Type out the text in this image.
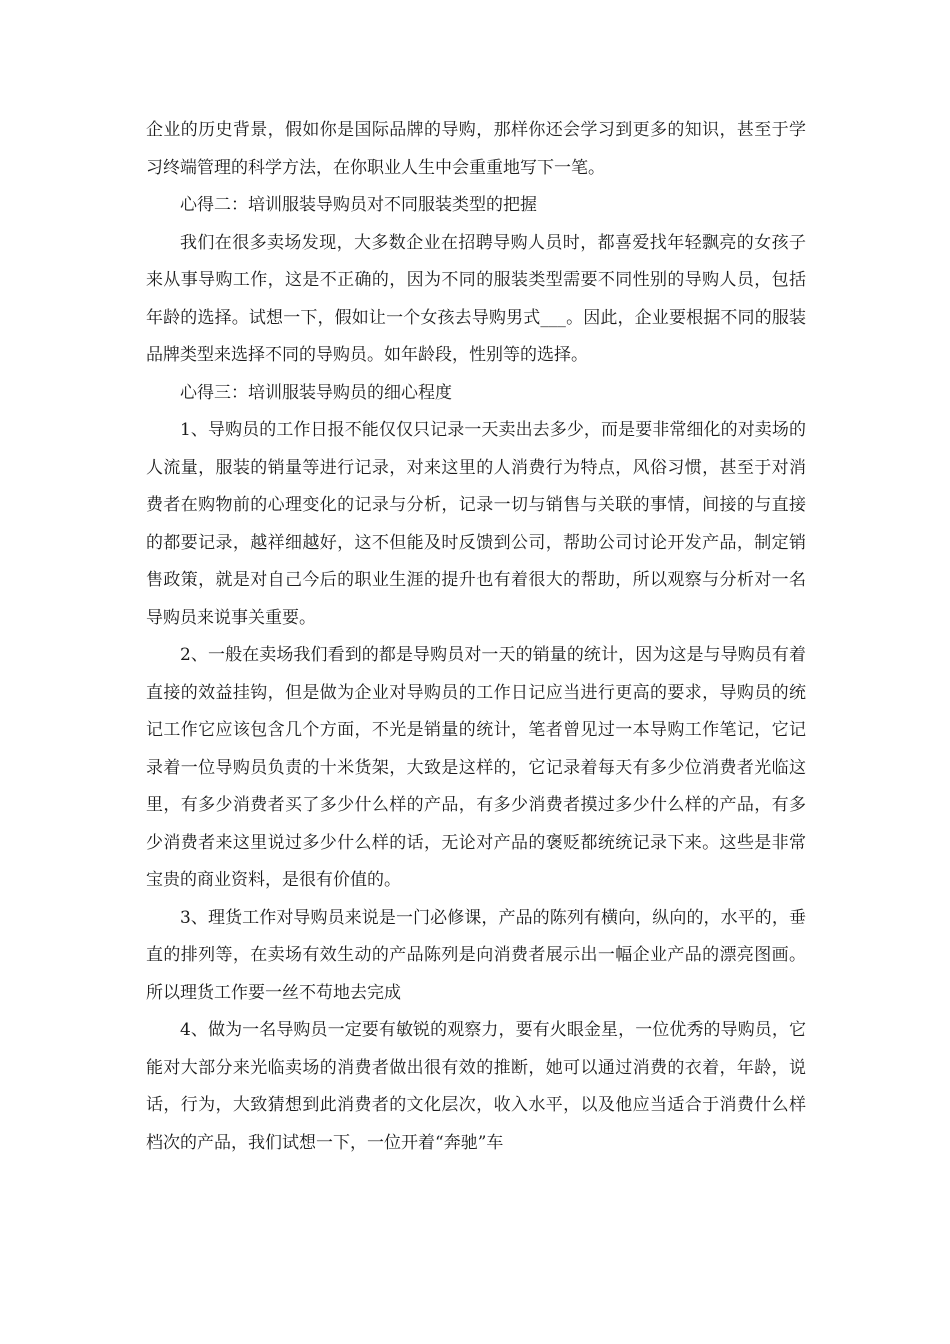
企业的历史背景，假如你是国际品牌的导购，那样你还会学习到更多的知识，甚至于学习终端管理的科学方法，在你职业人生中会重重地写下一笔。

心得二：培训服装导购员对不同服装类型的把握

我们在很多卖场发现，大多数企业在招聘导购人员时，都喜爱找年轻飘亮的女孩子来从事导购工作，这是不正确的，因为不同的服装类型需要不同性别的导购人员，包括年龄的选择。试想一下，假如让一个女孩去导购男式___。因此，企业要根据不同的服装品牌类型来选择不同的导购员。如年龄段，性别等的选择。

心得三：培训服装导购员的细心程度

1、导购员的工作日报不能仅仅只记录一天卖出去多少，而是要非常细化的对卖场的人流量，服装的销量等进行记录，对来这里的人消费行为特点，风俗习惯，甚至于对消费者在购物前的心理变化的记录与分析，记录一切与销售与关联的事情，间接的与直接的都要记录，越祥细越好，这不但能及时反馈到公司，帮助公司讨论开发产品，制定销售政策，就是对自己今后的职业生涯的提升也有着很大的帮助，所以观察与分析对一名导购员来说事关重要。

2、一般在卖场我们看到的都是导购员对一天的销量的统计，因为这是与导购员有着直接的效益挂钩，但是做为企业对导购员的工作日记应当进行更高的要求，导购员的统记工作它应该包含几个方面，不光是销量的统计，笔者曾见过一本导购工作笔记，它记录着一位导购员负责的十米货架，大致是这样的，它记录着每天有多少位消费者光临这里，有多少消费者买了多少什么样的产品，有多少消费者摸过多少什么样的产品，有多少消费者来这里说过多少什么样的话，无论对产品的褒贬都统统记录下来。这些是非常宝贵的商业资料，是很有价值的。

3、理货工作对导购员来说是一门必修课，产品的陈列有横向，纵向的，水平的，垂直的排列等，在卖场有效生动的产品陈列是向消费者展示出一幅企业产品的漂亮图画。所以理货工作要一丝不苟地去完成

4、做为一名导购员一定要有敏锐的观察力，要有火眼金星，一位优秀的导购员，它能对大部分来光临卖场的消费者做出很有效的推断，她可以通过消费的衣着，年龄，说话，行为，大致猜想到此消费者的文化层次，收入水平，以及他应当适合于消费什么样档次的产品，我们试想一下，一位开着“奔驰”车
